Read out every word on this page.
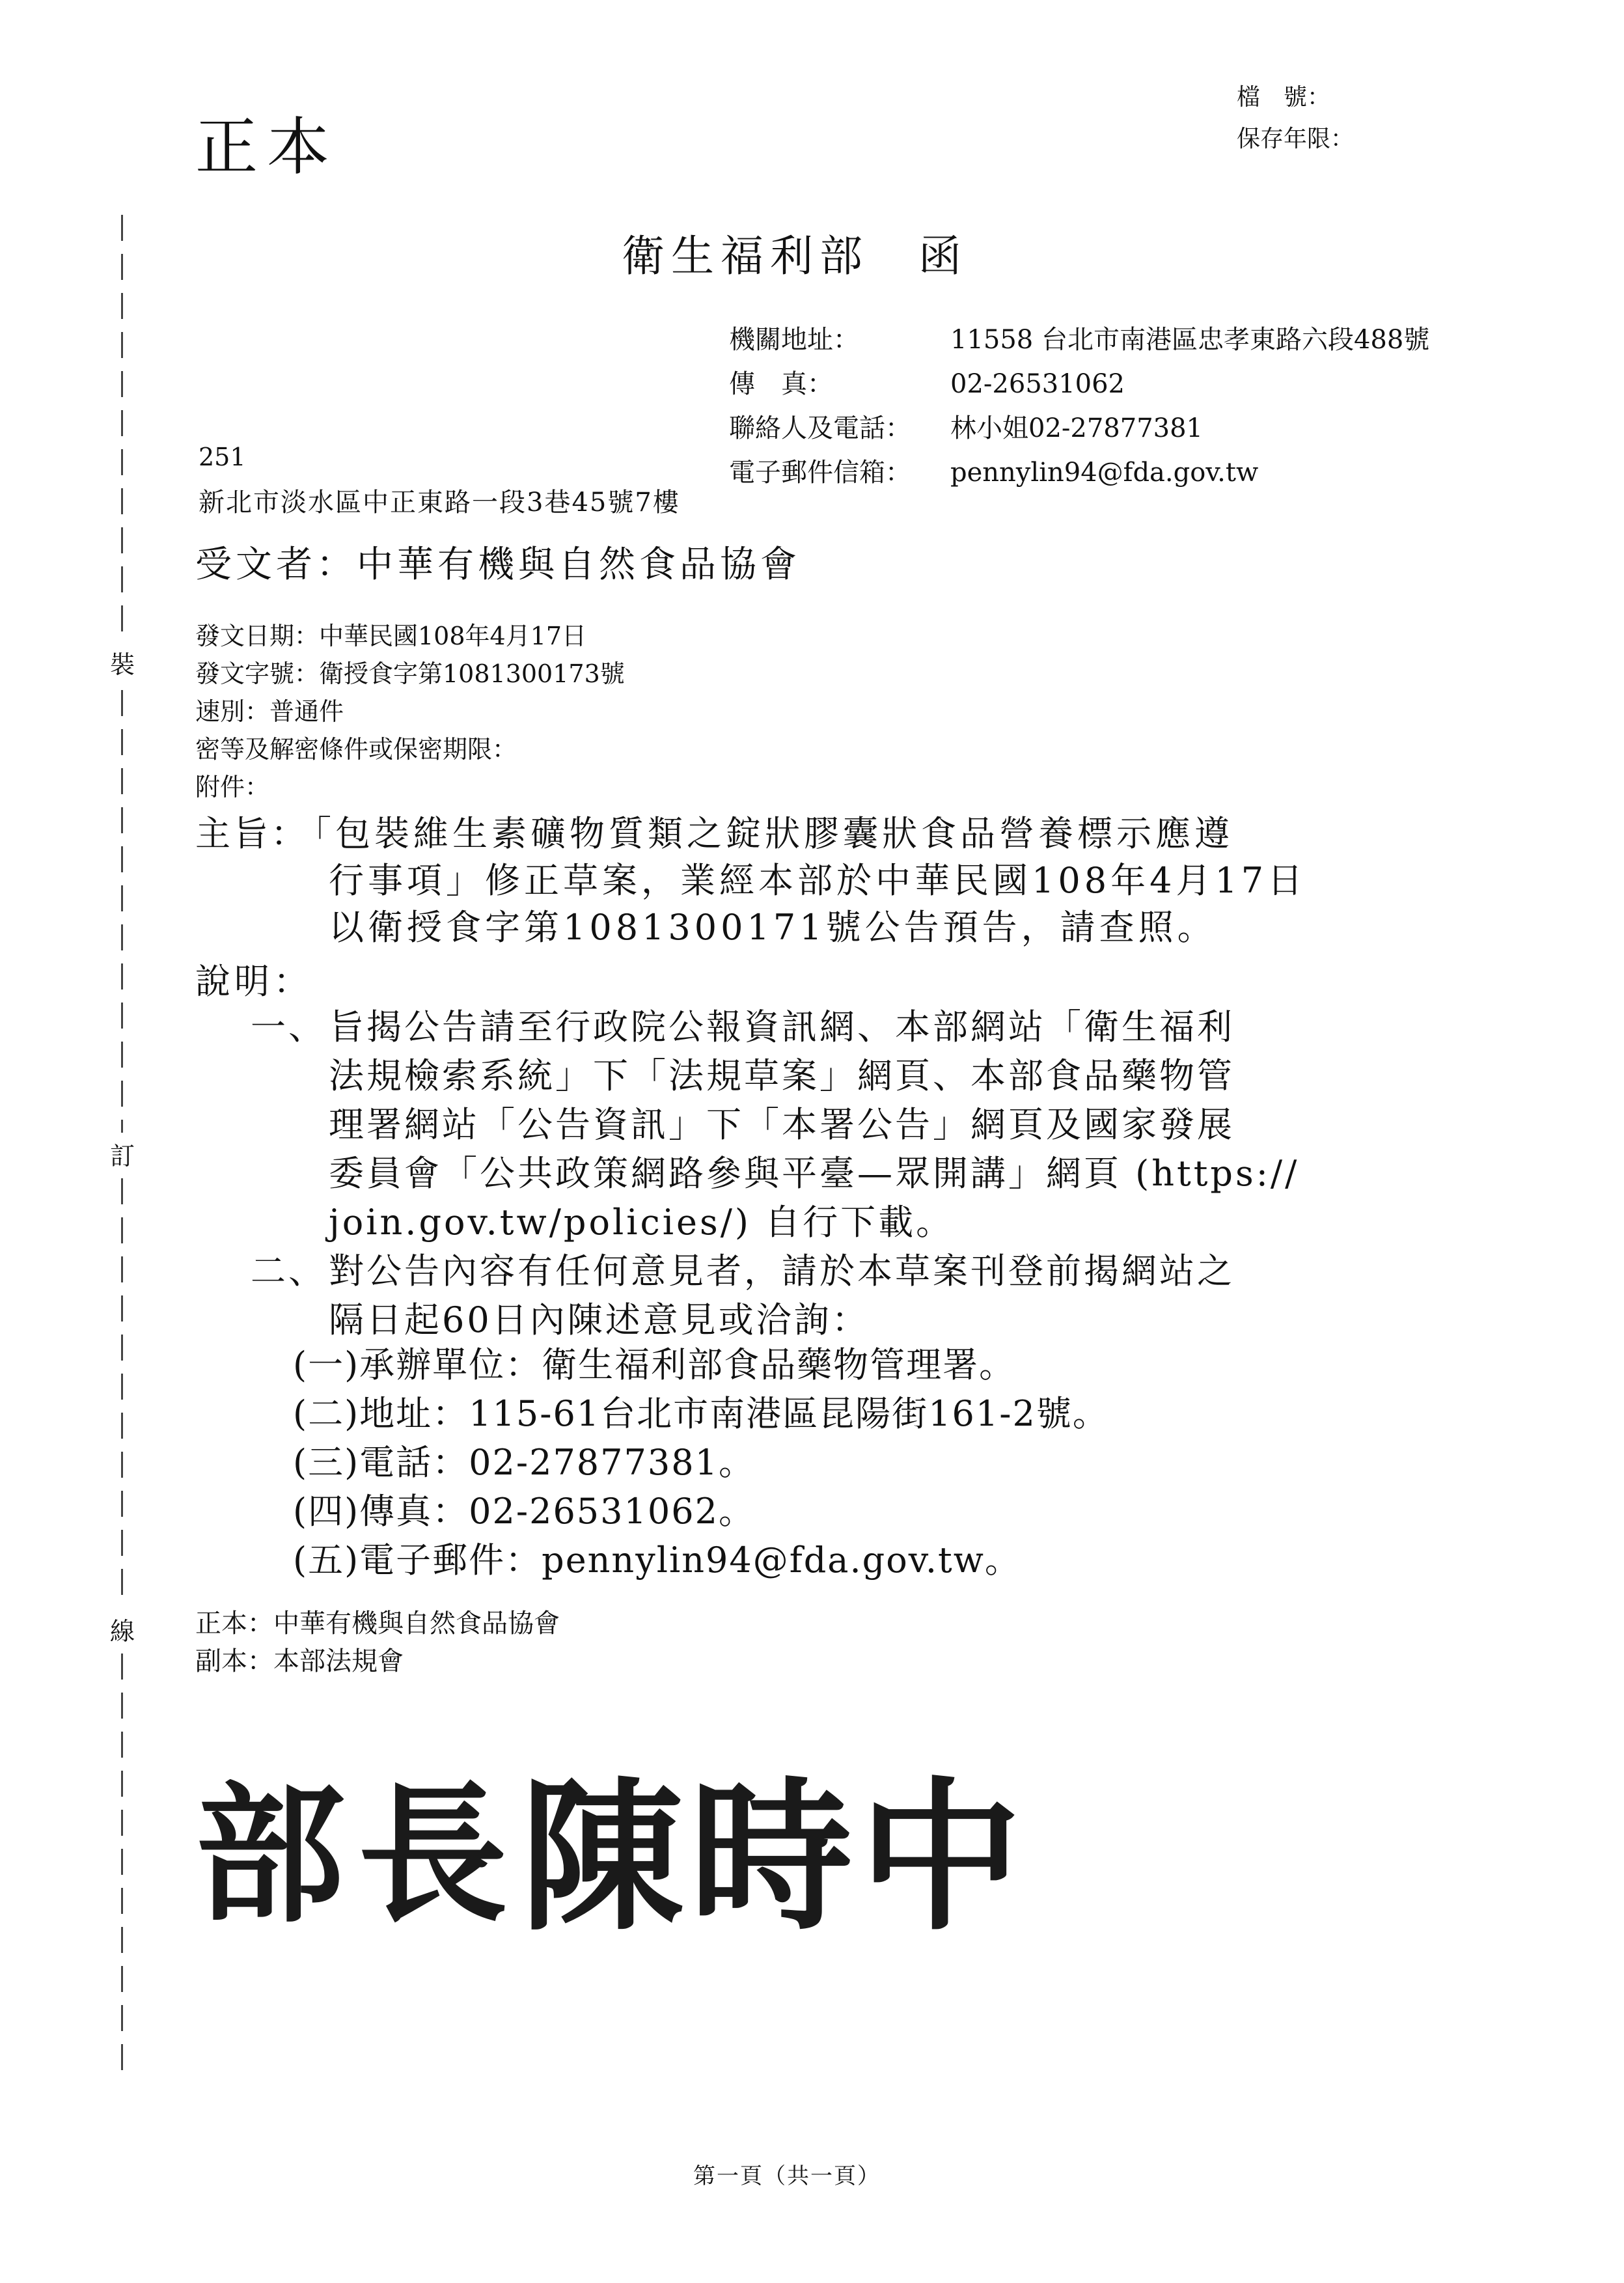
裝
訂
線
正本
檔　號：
保存年限：
衛生福利部　函
機關地址：	11558 台北市南港區忠孝東路六段488號
傳　真：	02-26531062
聯絡人及電話：	林小姐02-27877381
電子郵件信箱：	pennylin94@fda.gov.tw
251
新北市淡水區中正東路一段3巷45號7樓
受文者：中華有機與自然食品協會
發文日期：中華民國108年4月17日
發文字號：衛授食字第1081300173號
速別：普通件
密等及解密條件或保密期限：
附件：
主旨：
「包裝維生素礦物質類之錠狀膠囊狀食品營養標示應遵
行事項」修正草案，業經本部於中華民國108年4月17日
以衛授食字第1081300171號公告預告，請查照。
說明：
一、 旨揭公告請至行政院公報資訊網、本部網站「衛生福利
法規檢索系統」下「法規草案」網頁、本部食品藥物管
理署網站「公告資訊」下「本署公告」網頁及國家發展
委員會「公共政策網路參與平臺—眾開講」網頁 (https://
join.gov.tw/policies/) 自行下載。
二、 對公告內容有任何意見者，請於本草案刊登前揭網站之
隔日起60日內陳述意見或洽詢：
(一)承辦單位：衛生福利部食品藥物管理署。
(二)地址：115-61台北市南港區昆陽街161-2號。
(三)電話：02-27877381。
(四)傳真：02-26531062。
(五)電子郵件：pennylin94@fda.gov.tw。
正本：中華有機與自然食品協會
副本：本部法規會
部長 陳時中
第一頁（共一頁）
